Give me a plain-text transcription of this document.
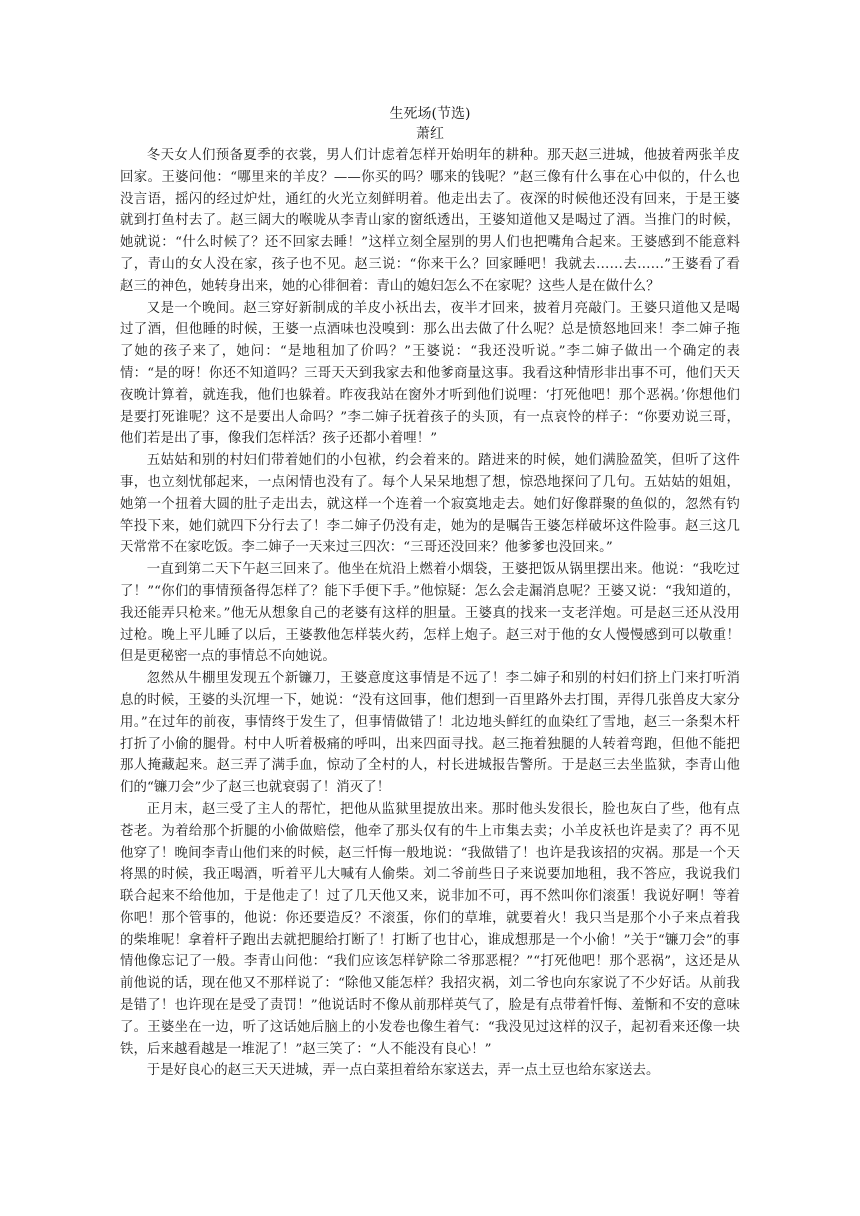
生死场(节选)
萧红

冬天女人们预备夏季的衣裳，男人们计虑着怎样开始明年的耕种。那天赵三进城，他披着两张羊皮回家。王婆问他：“哪里来的羊皮？——你买的吗？哪来的钱呢？”赵三像有什么事在心中似的，什么也没言语，摇闪的经过炉灶，通红的火光立刻鲜明着。他走出去了。夜深的时候他还没有回来，于是王婆就到打鱼村去了。赵三阔大的喉咙从李青山家的窗纸透出，王婆知道他又是喝过了酒。当推门的时候，她就说：“什么时候了？还不回家去睡！”这样立刻全屋别的男人们也把嘴角合起来。王婆感到不能意料了，青山的女人没在家，孩子也不见。赵三说：“你来干么？回家睡吧！我就去……去……”王婆看了看赵三的神色，她转身出来，她的心徘徊着：青山的媳妇怎么不在家呢？这些人是在做什么？

又是一个晚间。赵三穿好新制成的羊皮小袄出去，夜半才回来，披着月亮敲门。王婆只道他又是喝过了酒，但他睡的时候，王婆一点酒味也没嗅到：那么出去做了什么呢？总是愤怒地回来！李二婶子拖了她的孩子来了，她问：“是地租加了价吗？”王婆说：“我还没听说。”李二婶子做出一个确定的表情：“是的呀！你还不知道吗？三哥天天到我家去和他爹商量这事。我看这种情形非出事不可，他们天天夜晚计算着，就连我，他们也躲着。昨夜我站在窗外才听到他们说哩：‘打死他吧！那个恶祸。’你想他们是要打死谁呢？这不是要出人命吗？”李二婶子抚着孩子的头顶，有一点哀怜的样子：“你要劝说三哥，他们若是出了事，像我们怎样活？孩子还都小着哩！”

五姑姑和别的村妇们带着她们的小包袱，约会着来的。踏进来的时候，她们满脸盈笑，但听了这件事，也立刻忧郁起来，一点闲情也没有了。每个人呆呆地想了想，惊恐地探问了几句。五姑姑的姐姐，她第一个扭着大圆的肚子走出去，就这样一个连着一个寂寞地走去。她们好像群聚的鱼似的，忽然有钓竿投下来，她们就四下分行去了！李二婶子仍没有走，她为的是嘱告王婆怎样破坏这件险事。赵三这几天常常不在家吃饭。李二婶子一天来过三四次：“三哥还没回来？他爹爹也没回来。”

一直到第二天下午赵三回来了。他坐在炕沿上燃着小烟袋，王婆把饭从锅里摆出来。他说：“我吃过了！”“你们的事情预备得怎样了？能下手便下手。”他惊疑：怎么会走漏消息呢？王婆又说：“我知道的，我还能弄只枪来。”他无从想象自己的老婆有这样的胆量。王婆真的找来一支老洋炮。可是赵三还从没用过枪。晚上平儿睡了以后，王婆教他怎样装火药，怎样上炮子。赵三对于他的女人慢慢感到可以敬重！但是更秘密一点的事情总不向她说。

忽然从牛棚里发现五个新镰刀，王婆意度这事情是不远了！李二婶子和别的村妇们挤上门来打听消息的时候，王婆的头沉埋一下，她说：“没有这回事，他们想到一百里路外去打围，弄得几张兽皮大家分用。”在过年的前夜，事情终于发生了，但事情做错了！北边地头鲜红的血染红了雪地，赵三一条梨木杆打折了小偷的腿骨。村中人听着极痛的呼叫，出来四面寻找。赵三拖着独腿的人转着弯跑，但他不能把那人掩藏起来。赵三弄了满手血，惊动了全村的人，村长进城报告警所。于是赵三去坐监狱，李青山他们的“镰刀会”少了赵三也就衰弱了！消灭了！

正月末，赵三受了主人的帮忙，把他从监狱里提放出来。那时他头发很长，脸也灰白了些，他有点苍老。为着给那个折腿的小偷做赔偿，他牵了那头仅有的牛上市集去卖；小羊皮袄也许是卖了？再不见他穿了！晚间李青山他们来的时候，赵三忏悔一般地说：“我做错了！也许是我该招的灾祸。那是一个天将黑的时候，我正喝酒，听着平儿大喊有人偷柴。刘二爷前些日子来说要加地租，我不答应，我说我们联合起来不给他加，于是他走了！过了几天他又来，说非加不可，再不然叫你们滚蛋！我说好啊！等着你吧！那个管事的，他说：你还要造反？不滚蛋，你们的草堆，就要着火！我只当是那个小子来点着我的柴堆呢！拿着杆子跑出去就把腿给打断了！打断了也甘心，谁成想那是一个小偷！”关于“镰刀会”的事情他像忘记了一般。李青山问他：“我们应该怎样铲除二爷那恶棍？”“打死他吧！那个恶祸”，这还是从前他说的话，现在他又不那样说了：“除他又能怎样？我招灾祸，刘二爷也向东家说了不少好话。从前我是错了！也许现在是受了责罚！”他说话时不像从前那样英气了，脸是有点带着忏悔、羞惭和不安的意味了。王婆坐在一边，听了这话她后脑上的小发卷也像生着气：“我没见过这样的汉子，起初看来还像一块铁，后来越看越是一堆泥了！”赵三笑了：“人不能没有良心！”

于是好良心的赵三天天进城，弄一点白菜担着给东家送去，弄一点土豆也给东家送去。
